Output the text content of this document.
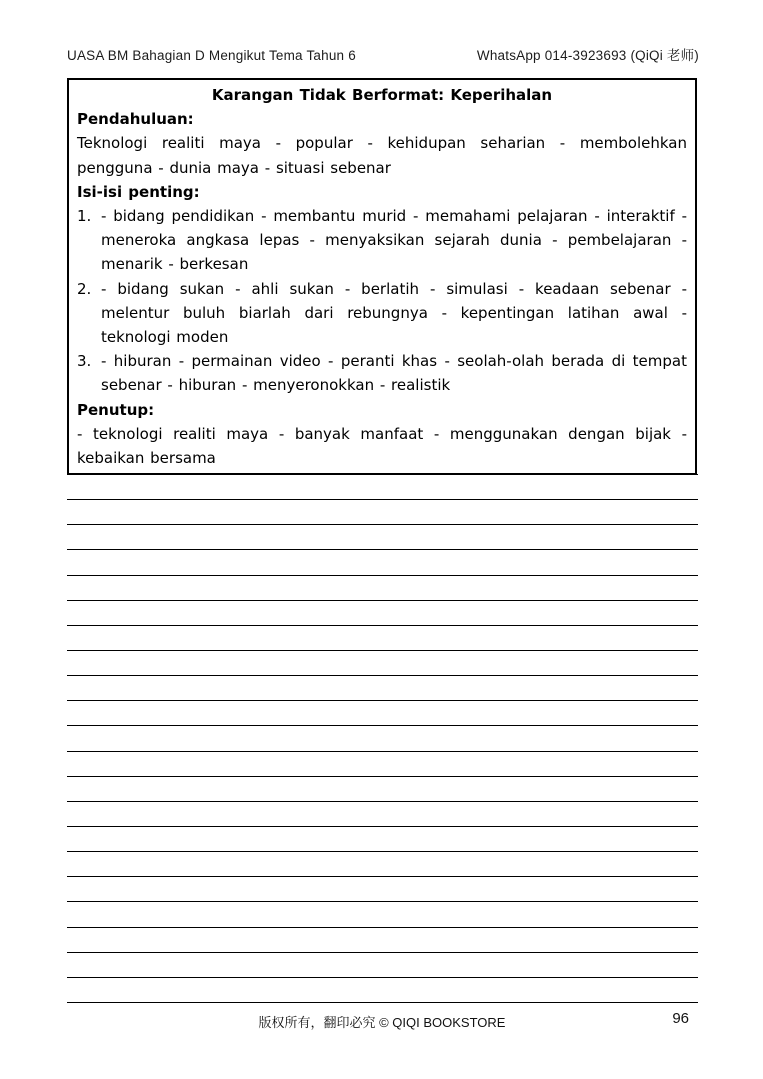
UASA BM Bahagian D Mengikut Tema Tahun 6	WhatsApp 014-3923693 (QiQi 老师)
Karangan Tidak Berformat: Keperihalan
Pendahuluan:
Teknologi realiti maya - popular - kehidupan seharian - membolehkan pengguna - dunia maya - situasi sebenar
Isi-isi penting:
1. - bidang pendidikan - membantu murid - memahami pelajaran - interaktif - meneroka angkasa lepas - menyaksikan sejarah dunia - pembelajaran - menarik - berkesan
2. - bidang sukan - ahli sukan - berlatih - simulasi - keadaan sebenar - melentur buluh biarlah dari rebungnya - kepentingan latihan awal - teknologi moden
3. - hiburan - permainan video - peranti khas - seolah-olah berada di tempat sebenar - hiburan - menyeronokkan - realistik
Penutup:
- teknologi realiti maya - banyak manfaat - menggunakan dengan bijak - kebaikan bersama
版权所有，翻印必究 © QIQI BOOKSTORE	96
